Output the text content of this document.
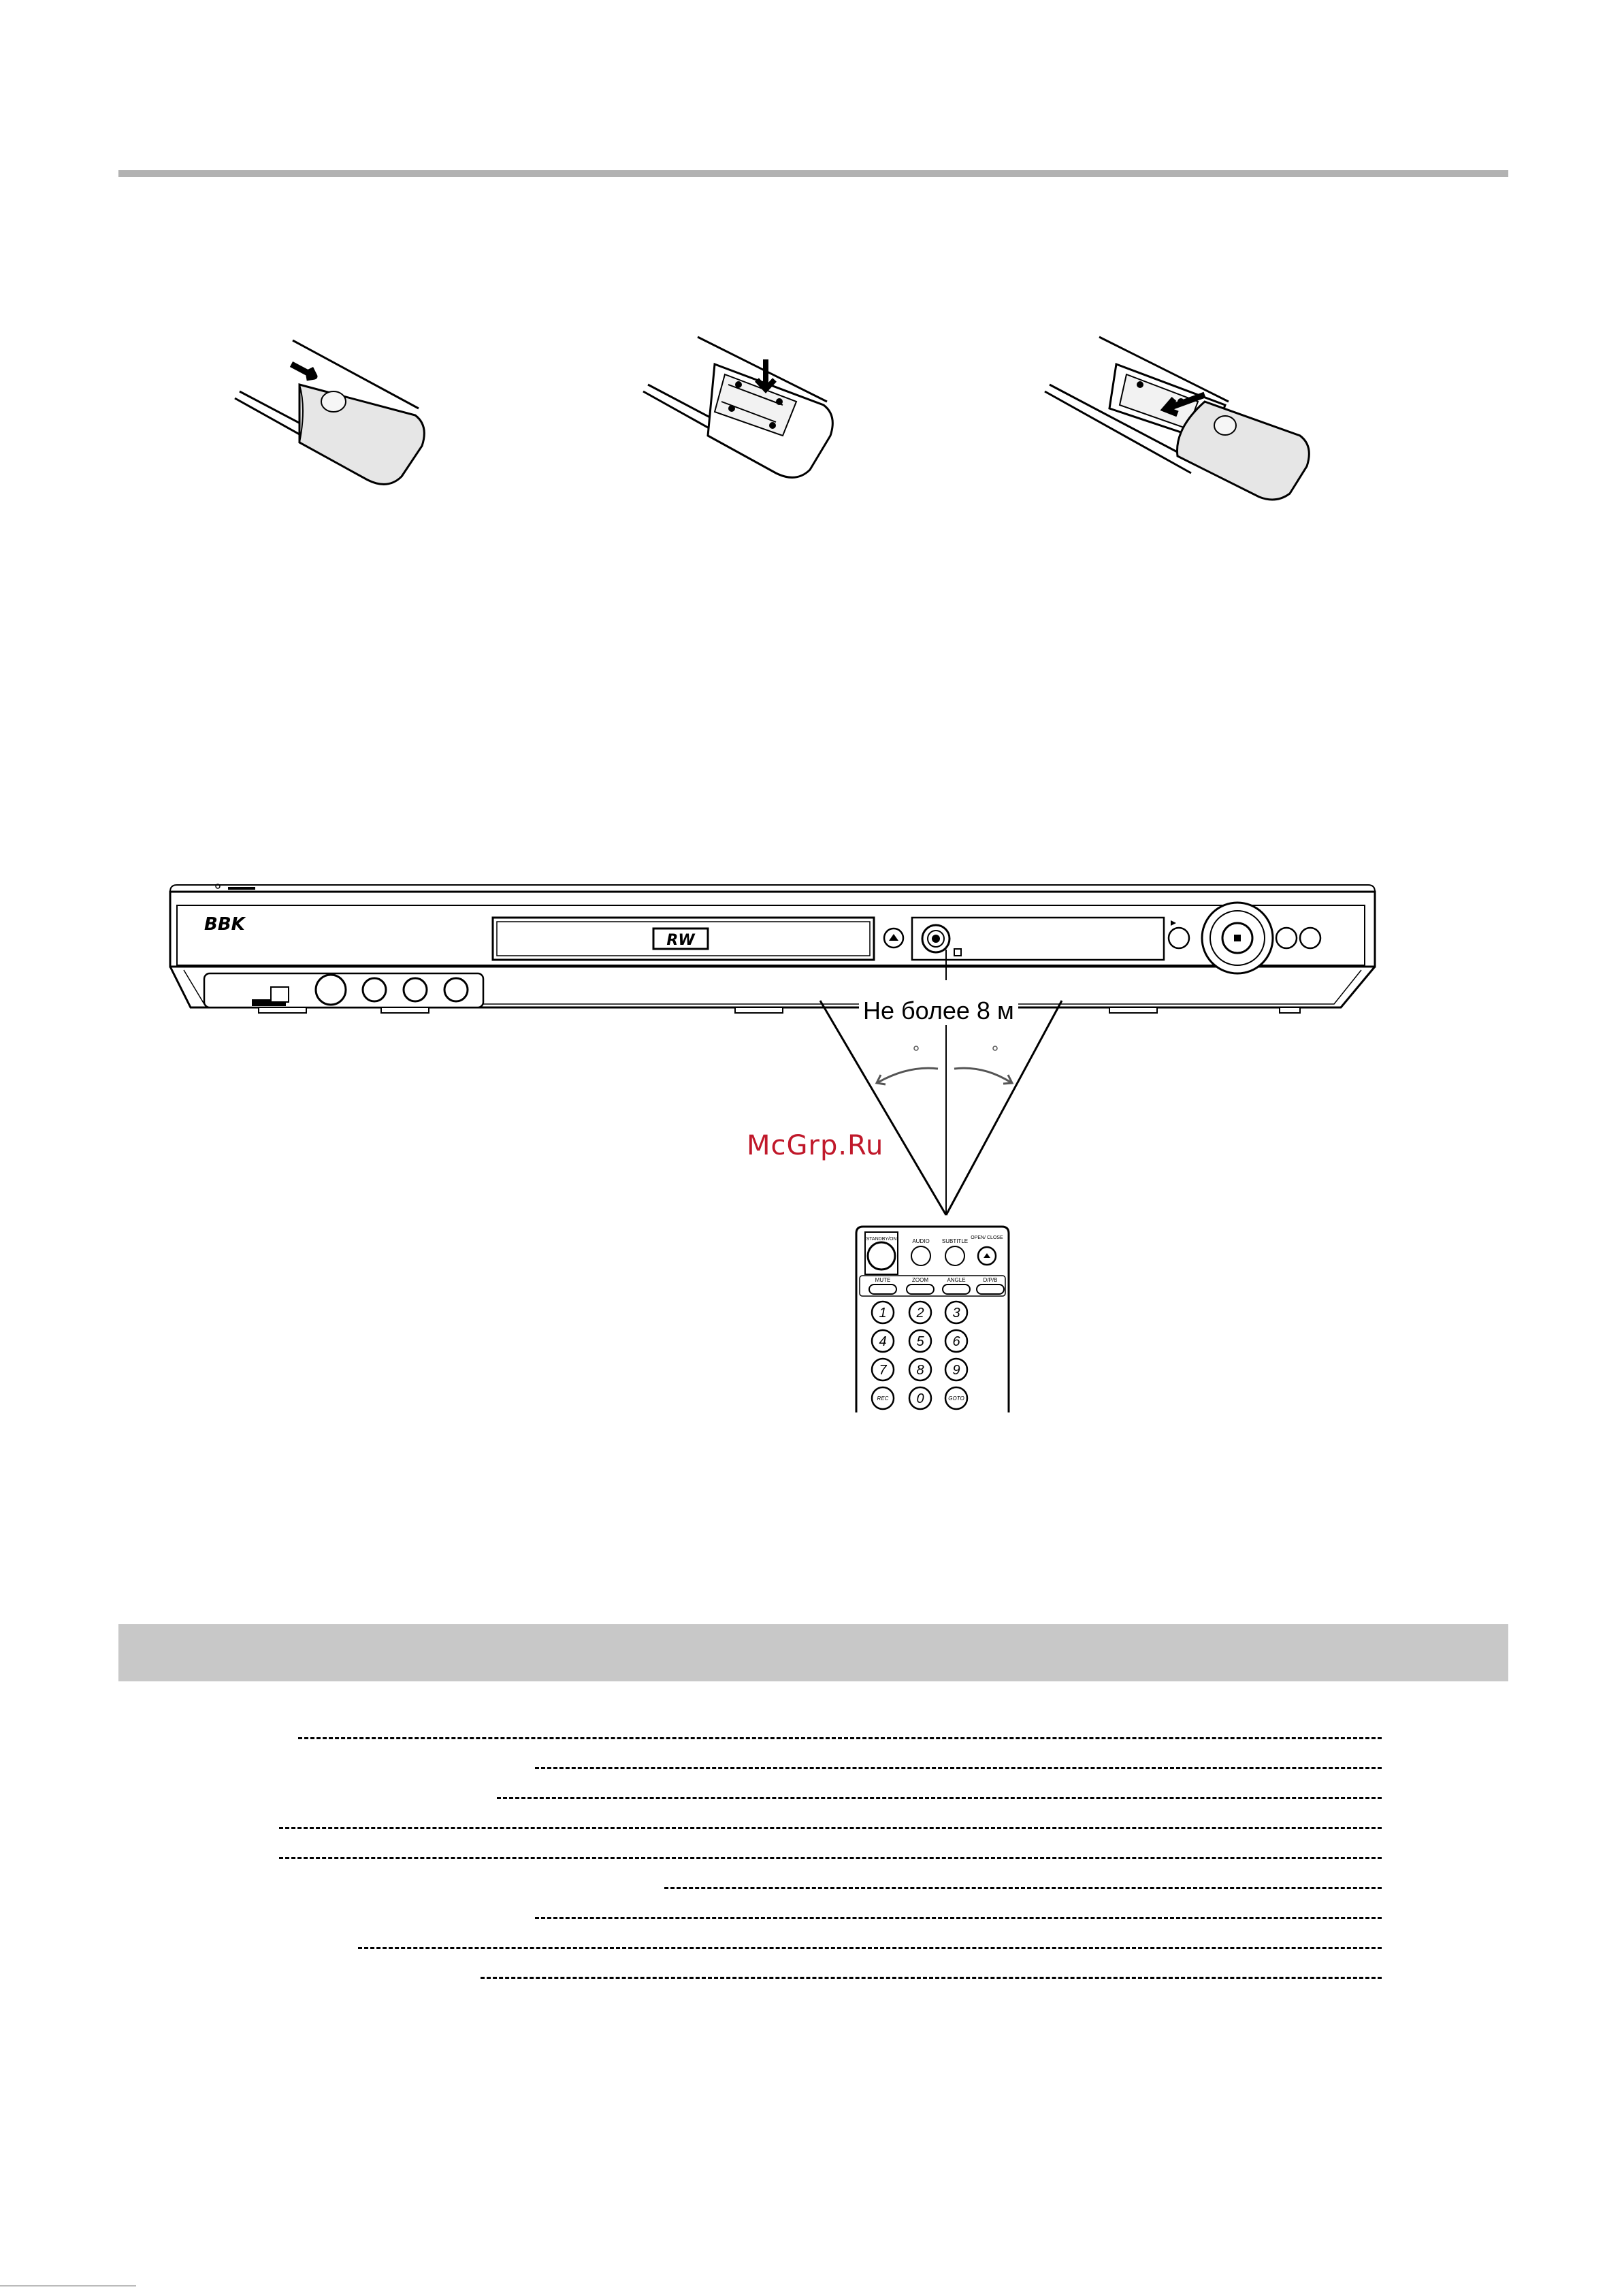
BBK
RW
Не более 8 м
McGrp.Ru
STANDBY/ON	AUDIO SUBTITLE
OPEN/ CLOSE
MUTE	ZOOM	ANGLE	D/P/B
1 2 3
4 5 6
7 8 9
REC 0	GOTO
